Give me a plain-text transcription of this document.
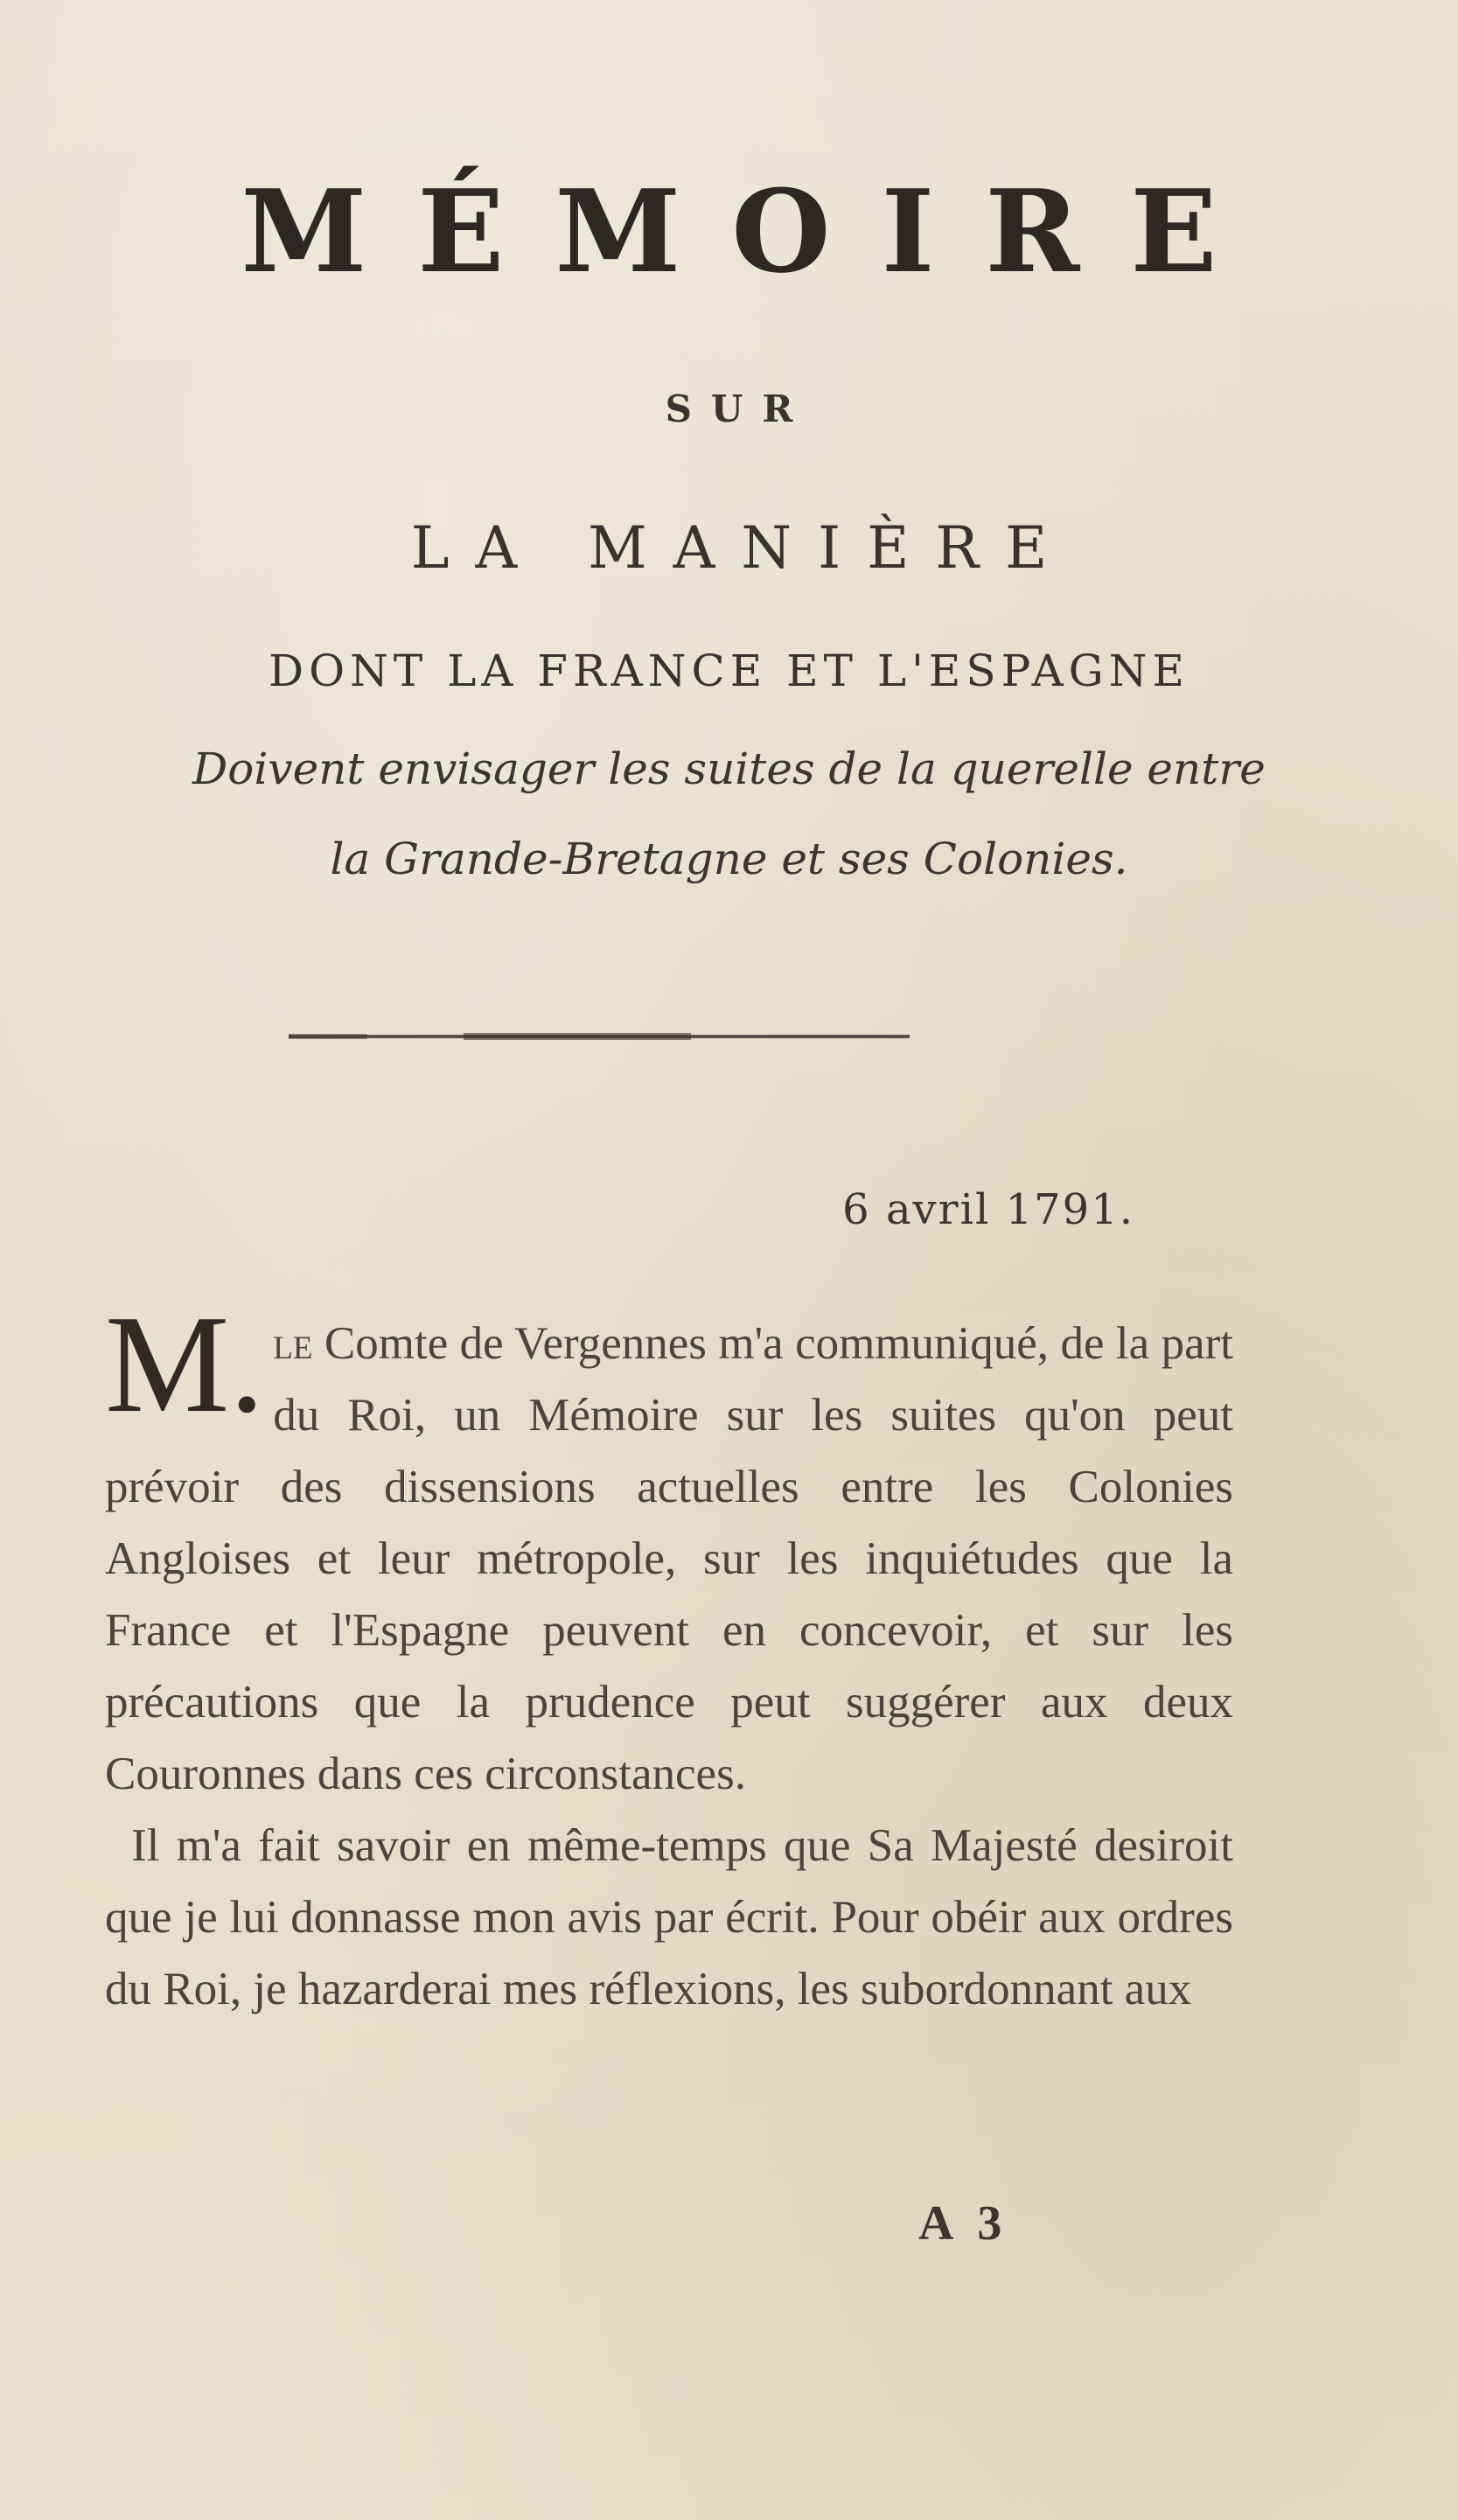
MÉMOIRE
SUR
LA MANIÈRE
DONT LA FRANCE ET L'ESPAGNE
Doivent envisager les suites de la querelle entre
la Grande-Bretagne et ses Colonies.
6 avril 1791.

M. le Comte de Vergennes m'a communiqué, de la part du Roi, un Mémoire sur les suites qu'on peut prévoir des dissensions actuelles entre les Colonies Angloises et leur métropole, sur les inquiétudes que la France et l'Espagne peuvent en concevoir, et sur les précautions que la prudence peut suggérer aux deux Couronnes dans ces circonstances.

Il m'a fait savoir en même-temps que Sa Majesté desiroit que je lui donnasse mon avis par écrit. Pour obéir aux ordres du Roi, je hazarderai mes réflexions, les subordonnant aux

A 3
